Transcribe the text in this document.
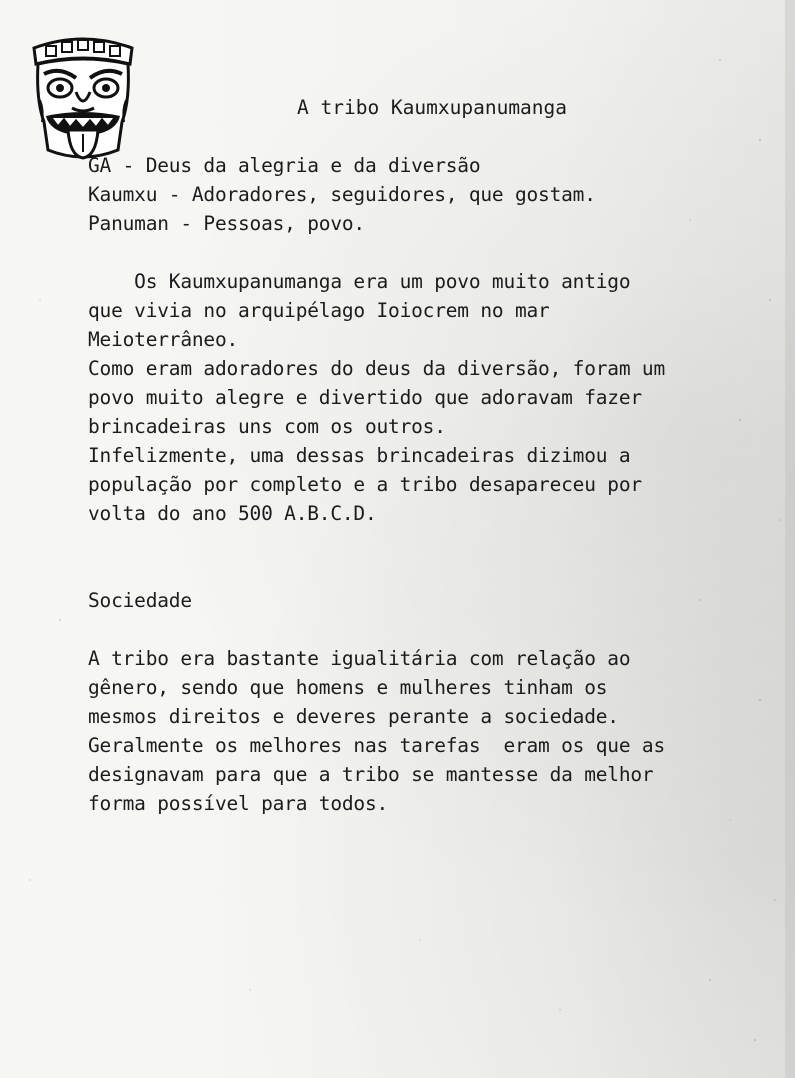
A tribo Kaumxupanumanga
GA - Deus da alegria e da diversão
Kaumxu - Adoradores, seguidores, que gostam.
Panuman - Pessoas, povo.
Os Kaumxupanumanga era um povo muito antigo
que vivia no arquipélago Ioiocrem no mar
Meioterrâneo.
Como eram adoradores do deus da diversão, foram um
povo muito alegre e divertido que adoravam fazer
brincadeiras uns com os outros.
Infelizmente, uma dessas brincadeiras dizimou a
população por completo e a tribo desapareceu por
volta do ano 500 A.B.C.D.
Sociedade
A tribo era bastante igualitária com relação ao
gênero, sendo que homens e mulheres tinham os
mesmos direitos e deveres perante a sociedade.
Geralmente os melhores nas tarefas  eram os que as
designavam para que a tribo se mantesse da melhor
forma possível para todos.
